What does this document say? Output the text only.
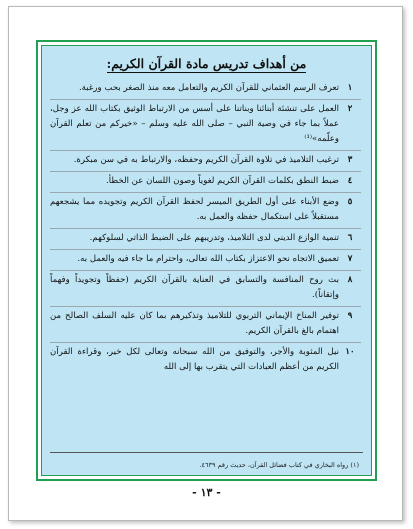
من أهداف تدريس مادة القرآن الكريم:
١
تعرف الرسم العثماني للقرآن الكريم والتعامل معه منذ الصغر بحب ورغبة.
٢
العمل على تنشئة أبنائنا وبناتنا على أسس من الارتباط الوثيق بكتاب الله عز وجل، عملاً بما جاء في وصية النبي – صلى الله عليه وسلم – «خيركم من تعلم القرآن وعلّمه»⁽¹⁾
٣
ترغيب التلاميذ في تلاوة القرآن الكريم وحفظه، والارتباط به في سن مبكرة.
٤
ضبط النطق بكلمات القرآن الكريم لغوياً وصون اللسان عن الخطأ.
٥
وضع الأبناء على أول الطريق الميسر لحفظ القرآن الكريم وتجويده مما يشجعهم مستقبلاً على استكمال حفظه والعمل به.
٦
تنمية الوازع الديني لدى التلاميذ، وتدريبهم على الضبط الذاتي لسلوكهم.
٧
تعميق الاتجاه نحو الاعتزاز بكتاب الله تعالى، واحترام ما جاء فيه والعمل به.
٨
بث روح المنافسة والتسابق في العناية بالقرآن الكريم (حفظاً وتجويداً وفهماً وإتقاناً).
٩
توفير المناخ الإيماني التربوي للتلاميذ وتذكيرهم بما كان عليه السلف الصالح من اهتمام بالغ بالقرآن الكريم.
١٠
نيل المثوبة والأجر، والتوفيق من الله سبحانه وتعالى لكل خير، وقراءة القرآن الكريم من أعظم العبادات التي يتقرب بها إلى الله
(١) رواه البخاري في كتاب فضائل القرآن، حديث رقم ٤٦٣٩.
- ١٣ -
